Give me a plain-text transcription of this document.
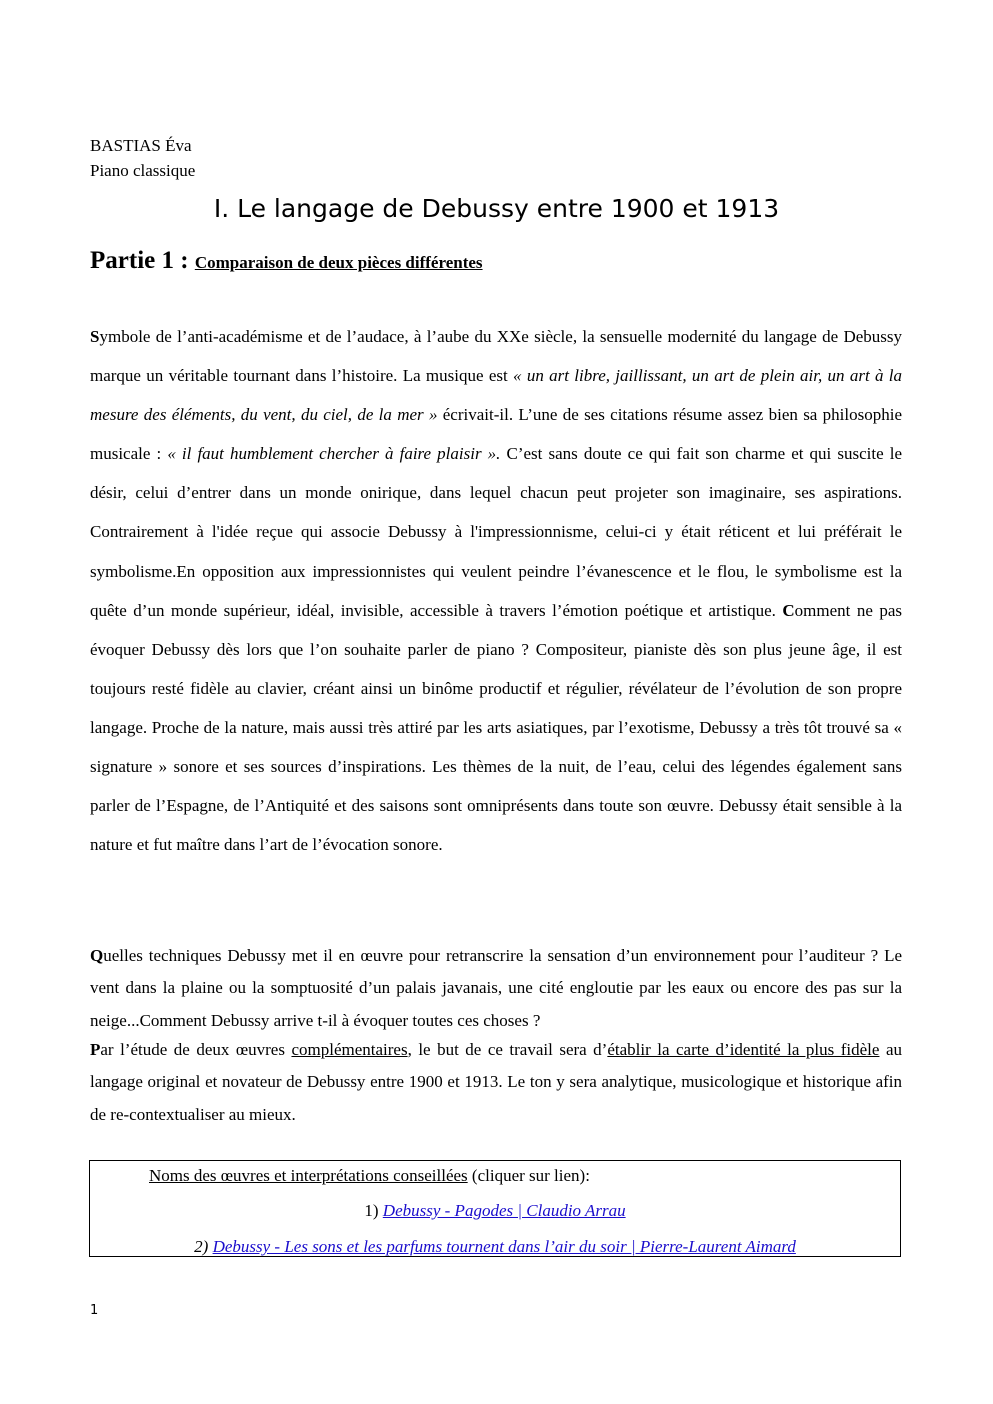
BASTIAS Éva
Piano classique
I. Le langage de Debussy entre 1900 et 1913
Partie 1 : Comparaison de deux pièces différentes

Symbole de l’anti-académisme et de l’audace, à l’aube du XXe siècle, la sensuelle modernité du langage de Debussy marque un véritable tournant dans l’histoire. La musique est « un art libre, jaillissant, un art de plein air, un art à la mesure des éléments, du vent, du ciel, de la mer » écrivait-il. L’une de ses citations résume assez bien sa philosophie musicale : « il faut humblement chercher à faire plaisir ». C’est sans doute ce qui fait son charme et qui suscite le désir, celui d’entrer dans un monde onirique, dans lequel chacun peut projeter son imaginaire, ses aspirations. Contrairement à l'idée reçue qui associe Debussy à l'impressionnisme, celui-ci y était réticent et lui préférait le symbolisme.En opposition aux impressionnistes qui veulent peindre l’évanescence et le flou, le symbolisme est la quête d’un monde supérieur, idéal, invisible, accessible à travers l’émotion poétique et artistique. Comment ne pas évoquer Debussy dès lors que l’on souhaite parler de piano ? Compositeur, pianiste dès son plus jeune âge, il est toujours resté fidèle au clavier, créant ainsi un binôme productif et régulier, révélateur de l’évolution de son propre langage. Proche de la nature, mais aussi très attiré par les arts asiatiques, par l’exotisme, Debussy a très tôt trouvé sa « signature » sonore et ses sources d’inspirations. Les thèmes de la nuit, de l’eau, celui des légendes également sans parler de l’Espagne, de l’Antiquité et des saisons sont omniprésents dans toute son œuvre. Debussy était sensible à la nature et fut maître dans l’art de l’évocation sonore.

Quelles techniques Debussy met il en œuvre pour retranscrire la sensation d’un environnement pour l’auditeur ? Le vent dans la plaine ou la somptuosité d’un palais javanais, une cité engloutie par les eaux ou encore des pas sur la neige...Comment Debussy arrive t-il à évoquer toutes ces choses ?

Par l’étude de deux œuvres complémentaires, le but de ce travail sera d’établir la carte d’identité la plus fidèle au langage original et novateur de Debussy entre 1900 et 1913. Le ton y sera analytique, musicologique et historique afin de re-contextualiser au mieux.

Noms des œuvres et interprétations conseillées (cliquer sur lien):
1) Debussy - Pagodes | Claudio Arrau
2) Debussy - Les sons et les parfums tournent dans l’air du soir | Pierre-Laurent Aimard
1
